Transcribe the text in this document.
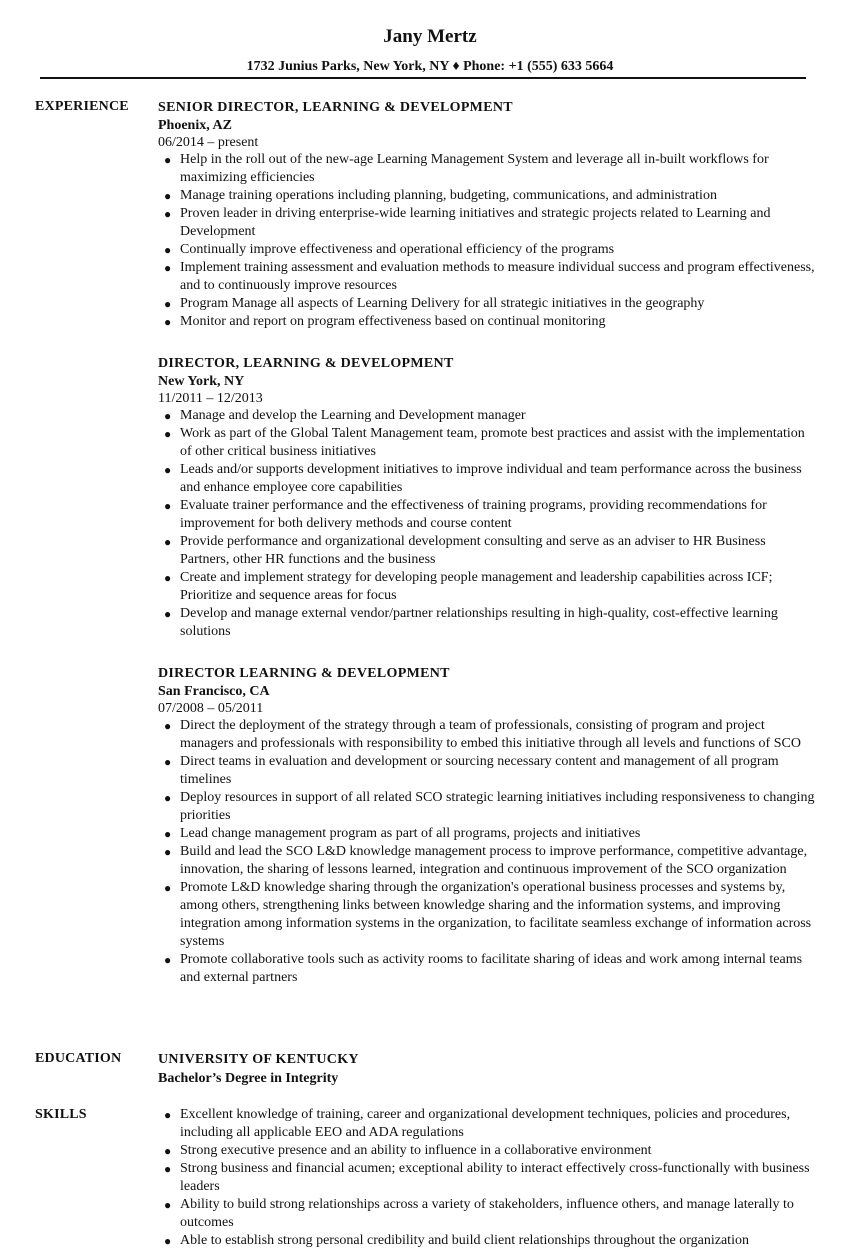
Jany Mertz
1732 Junius Parks, New York, NY ♦ Phone: +1 (555) 633 5664
EXPERIENCE SENIOR DIRECTOR, LEARNING & DEVELOPMENT
Phoenix, AZ
06/2014 – present
● Help in the roll out of the new-age Learning Management System and leverage all in-built workflows for maximizing efficiencies
● Manage training operations including planning, budgeting, communications, and administration
● Proven leader in driving enterprise-wide learning initiatives and strategic projects related to Learning and Development
● Continually improve effectiveness and operational efficiency of the programs
● Implement training assessment and evaluation methods to measure individual success and program effectiveness, and to continuously improve resources
● Program Manage all aspects of Learning Delivery for all strategic initiatives in the geography
● Monitor and report on program effectiveness based on continual monitoring
DIRECTOR, LEARNING & DEVELOPMENT
New York, NY
11/2011 – 12/2013
● Manage and develop the Learning and Development manager
● Work as part of the Global Talent Management team, promote best practices and assist with the implementation of other critical business initiatives
● Leads and/or supports development initiatives to improve individual and team performance across the business and enhance employee core capabilities
● Evaluate trainer performance and the effectiveness of training programs, providing recommendations for improvement for both delivery methods and course content
● Provide performance and organizational development consulting and serve as an adviser to HR Business Partners, other HR functions and the business
● Create and implement strategy for developing people management and leadership capabilities across ICF; Prioritize and sequence areas for focus
● Develop and manage external vendor/partner relationships resulting in high-quality, cost-effective learning solutions
DIRECTOR LEARNING & DEVELOPMENT
San Francisco, CA
07/2008 – 05/2011
● Direct the deployment of the strategy through a team of professionals, consisting of program and project managers and professionals with responsibility to embed this initiative through all levels and functions of SCO
● Direct teams in evaluation and development or sourcing necessary content and management of all program timelines
● Deploy resources in support of all related SCO strategic learning initiatives including responsiveness to changing priorities
● Lead change management program as part of all programs, projects and initiatives
● Build and lead the SCO L&D knowledge management process to improve performance, competitive advantage, innovation, the sharing of lessons learned, integration and continuous improvement of the SCO organization
● Promote L&D knowledge sharing through the organization's operational business processes and systems by, among others, strengthening links between knowledge sharing and the information systems, and improving integration among information systems in the organization, to facilitate seamless exchange of information across systems
● Promote collaborative tools such as activity rooms to facilitate sharing of ideas and work among internal teams and external partners
EDUCATION	UNIVERSITY OF KENTUCKY
Bachelor’s Degree in Integrity
SKILLS	● Excellent knowledge of training, career and organizational development techniques, policies and procedures, including all applicable EEO and ADA regulations
● Strong executive presence and an ability to influence in a collaborative environment
● Strong business and financial acumen; exceptional ability to interact effectively cross-functionally with business leaders
● Ability to build strong relationships across a variety of stakeholders, influence others, and manage laterally to outcomes
● Able to establish strong personal credibility and build client relationships throughout the organization
